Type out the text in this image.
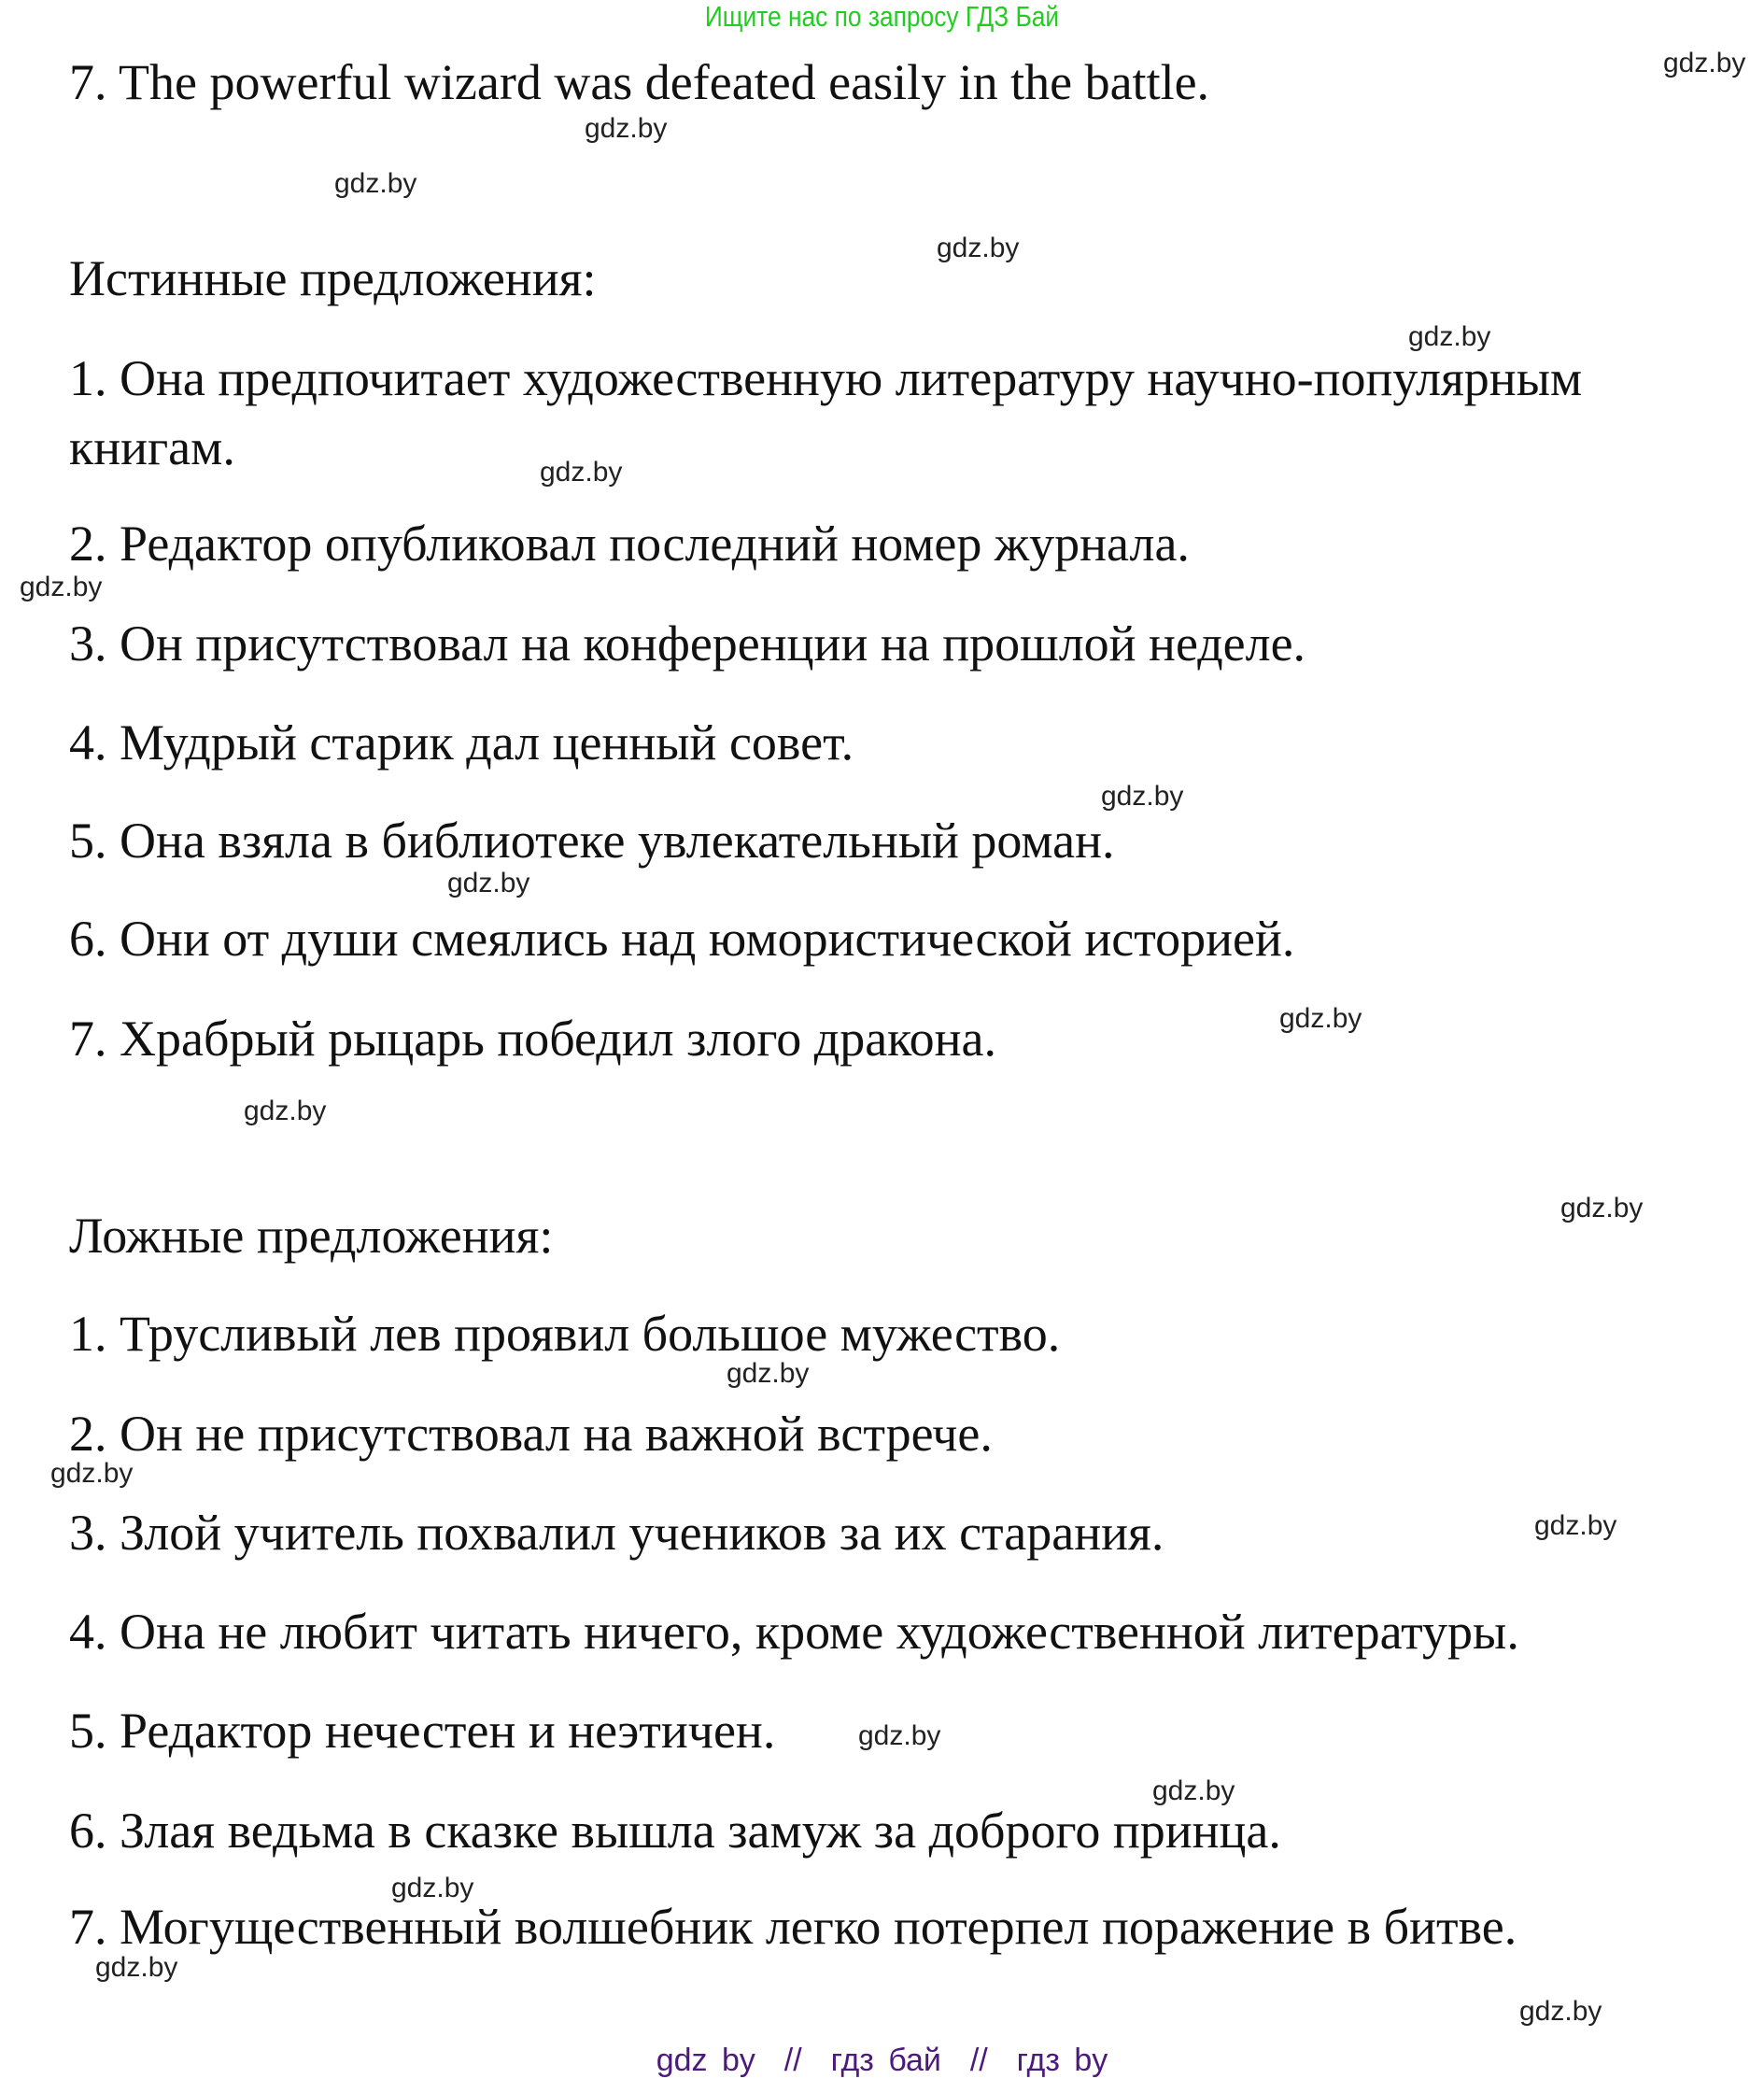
Ищите нас по запросу ГДЗ Бай
7. The powerful wizard was defeated easily in the battle.
Истинные предложения:
1. Она предпочитает художественную литературу научно-популярным
книгам.
2. Редактор опубликовал последний номер журнала.
3. Он присутствовал на конференции на прошлой неделе.
4. Мудрый старик дал ценный совет.
5. Она взяла в библиотеке увлекательный роман.
6. Они от души смеялись над юмористической историей.
7. Храбрый рыцарь победил злого дракона.
Ложные предложения:
1. Трусливый лев проявил большое мужество.
2. Он не присутствовал на важной встрече.
3. Злой учитель похвалил учеников за их старания.
4. Она не любит читать ничего, кроме художественной литературы.
5. Редактор нечестен и неэтичен.
6. Злая ведьма в сказке вышла замуж за доброго принца.
7. Могущественный волшебник легко потерпел поражение в битве.
gdz.by
gdz.by
gdz.by
gdz.by
gdz.by
gdz.by
gdz.by
gdz.by
gdz.by
gdz.by
gdz.by
gdz.by
gdz.by
gdz.by
gdz.by
gdz.by
gdz.by
gdz.by
gdz.by
gdz.by
gdz by  //  гдз бай  //  гдз by
